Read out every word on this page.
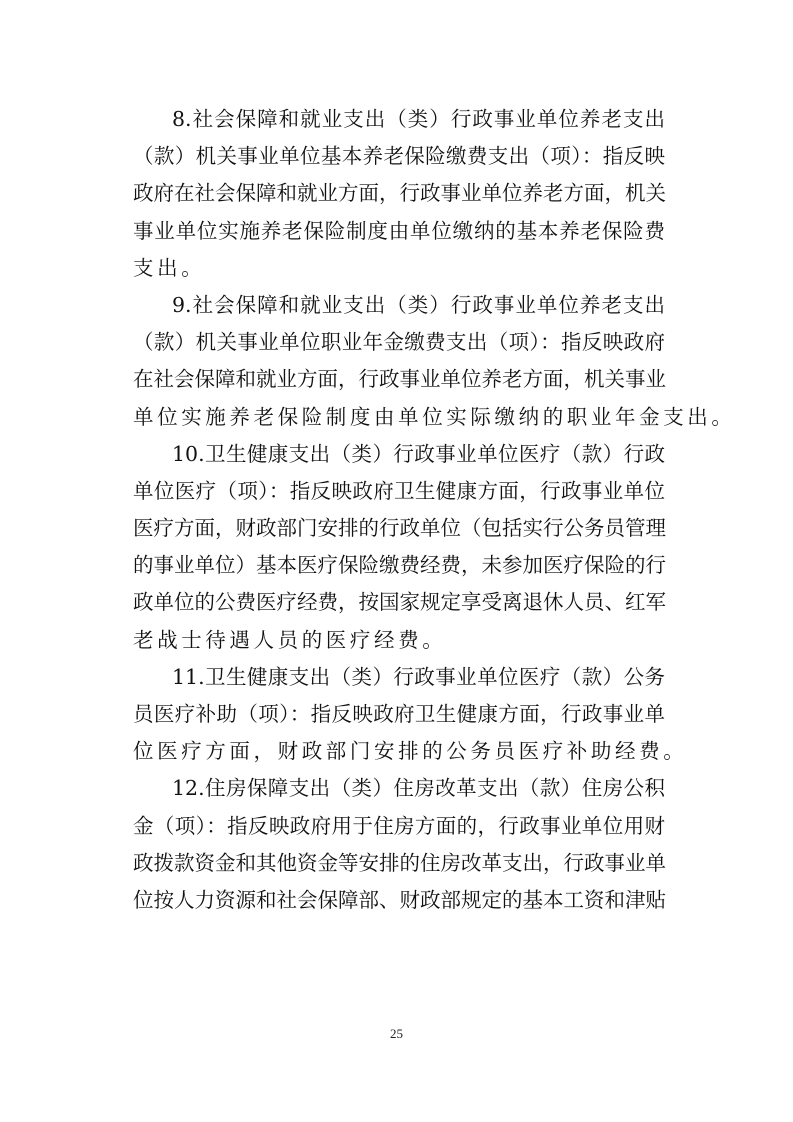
8.社会保障和就业支出（类）行政事业单位养老支出
（款）机关事业单位基本养老保险缴费支出（项）：指反映
政府在社会保障和就业方面，行政事业单位养老方面，机关
事业单位实施养老保险制度由单位缴纳的基本养老保险费
支出。
9.社会保障和就业支出（类）行政事业单位养老支出
（款）机关事业单位职业年金缴费支出（项）：指反映政府
在社会保障和就业方面，行政事业单位养老方面，机关事业
单位实施养老保险制度由单位实际缴纳的职业年金支出。
10.卫生健康支出（类）行政事业单位医疗（款）行政
单位医疗（项）：指反映政府卫生健康方面，行政事业单位
医疗方面，财政部门安排的行政单位（包括实行公务员管理
的事业单位）基本医疗保险缴费经费，未参加医疗保险的行
政单位的公费医疗经费，按国家规定享受离退休人员、红军
老战士待遇人员的医疗经费。
11.卫生健康支出（类）行政事业单位医疗（款）公务
员医疗补助（项）：指反映政府卫生健康方面，行政事业单
位医疗方面，财政部门安排的公务员医疗补助经费。
12.住房保障支出（类）住房改革支出（款）住房公积
金（项）：指反映政府用于住房方面的，行政事业单位用财
政拨款资金和其他资金等安排的住房改革支出，行政事业单
位按人力资源和社会保障部、财政部规定的基本工资和津贴
25
